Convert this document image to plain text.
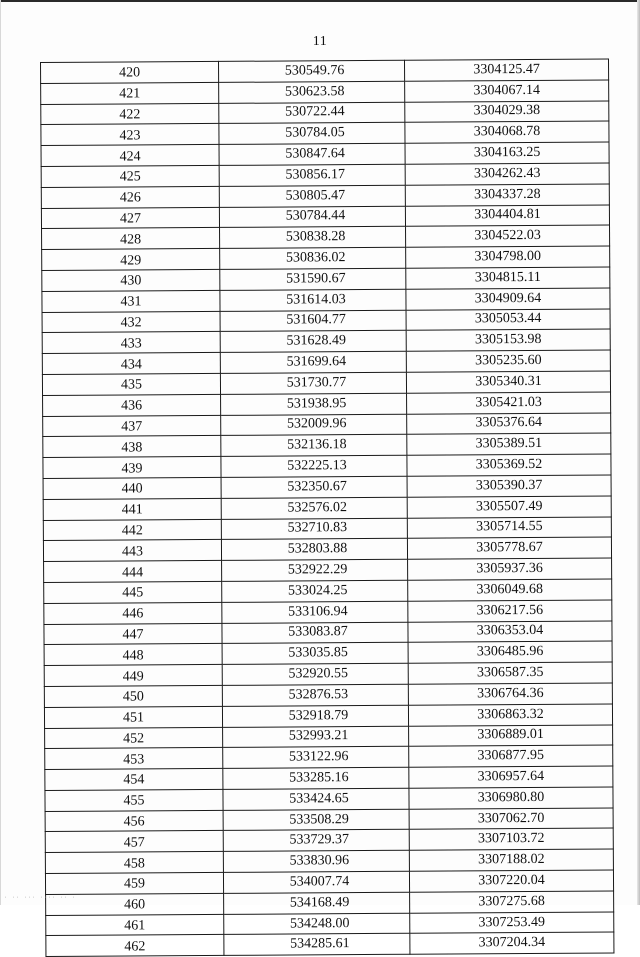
11
420	530549.76	3304125.47
421	530623.58	3304067.14
422	530722.44	3304029.38
423	530784.05	3304068.78
424	530847.64	3304163.25
425	530856.17	3304262.43
426	530805.47	3304337.28
427	530784.44	3304404.81
428	530838.28	3304522.03
429	530836.02	3304798.00
430	531590.67	3304815.11
431	531614.03	3304909.64
432	531604.77	3305053.44
433	531628.49	3305153.98
434	531699.64	3305235.60
435	531730.77	3305340.31
436	531938.95	3305421.03
437	532009.96	3305376.64
438	532136.18	3305389.51
439	532225.13	3305369.52
440	532350.67	3305390.37
441	532576.02	3305507.49
442	532710.83	3305714.55
443	532803.88	3305778.67
444	532922.29	3305937.36
445	533024.25	3306049.68
446	533106.94	3306217.56
447	533083.87	3306353.04
448	533035.85	3306485.96
449	532920.55	3306587.35
450	532876.53	3306764.36
451	532918.79	3306863.32
452	532993.21	3306889.01
453	533122.96	3306877.95
454	533285.16	3306957.64
455	533424.65	3306980.80
456	533508.29	3307062.70
457	533729.37	3307103.72
458	533830.96	3307188.02
459	534007.74	3307220.04
460	534168.49	3307275.68
461	534248.00	3307253.49
462	534285.61	3307204.34
· ·· ··· ···· ·· ·
